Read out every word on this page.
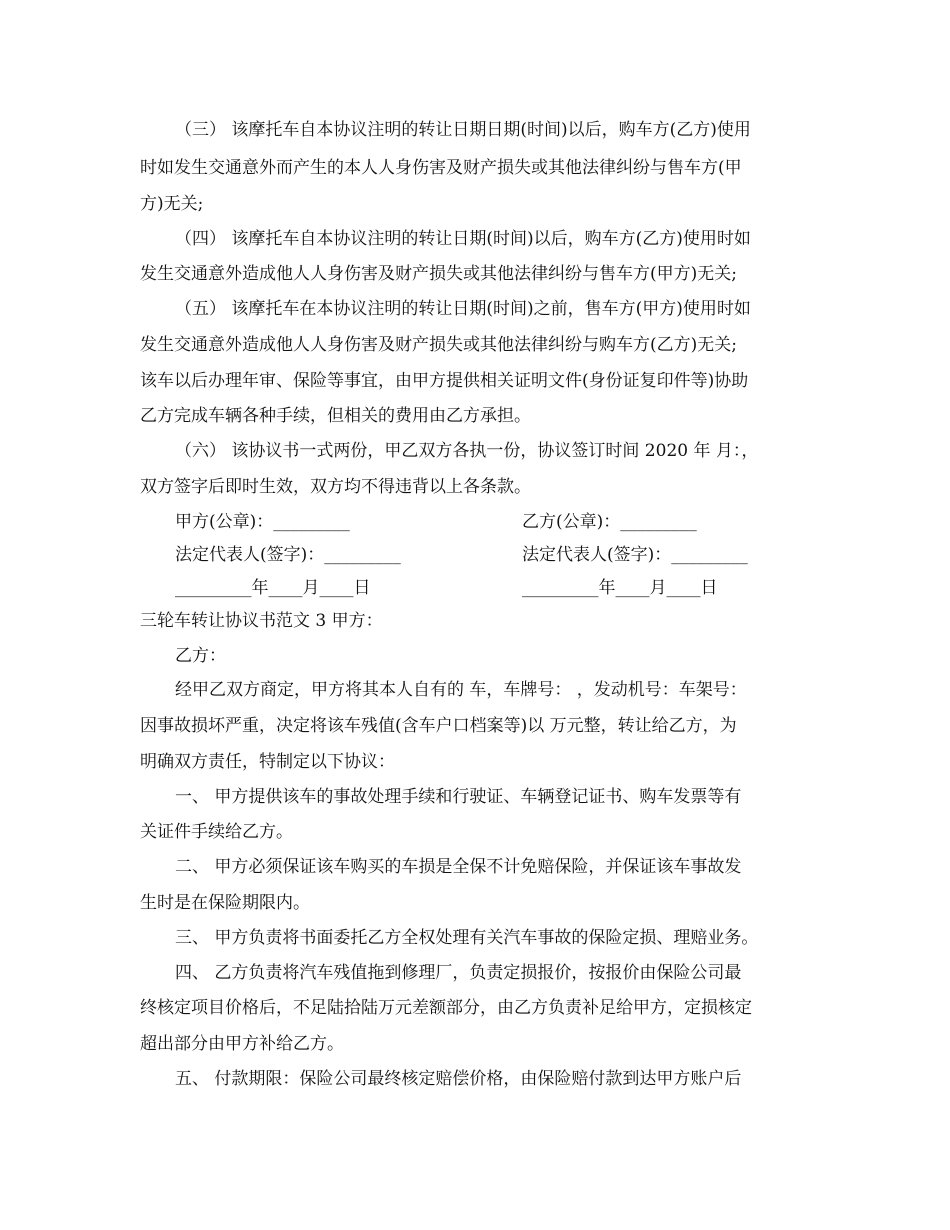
（三） 该摩托车自本协议注明的转让日期日期(时间)以后，购车方(乙方)使用
时如发生交通意外而产生的本人人身伤害及财产损失或其他法律纠纷与售车方(甲
方)无关;
（四） 该摩托车自本协议注明的转让日期(时间)以后，购车方(乙方)使用时如
发生交通意外造成他人人身伤害及财产损失或其他法律纠纷与售车方(甲方)无关;
（五） 该摩托车在本协议注明的转让日期(时间)之前，售车方(甲方)使用时如
发生交通意外造成他人人身伤害及财产损失或其他法律纠纷与购车方(乙方)无关;
该车以后办理年审、保险等事宜，由甲方提供相关证明文件(身份证复印件等)协助
乙方完成车辆各种手续，但相关的费用由乙方承担。
（六） 该协议书一式两份，甲乙双方各执一份，协议签订时间 2020 年 月：，
双方签字后即时生效，双方均不得违背以上各条款。
甲方(公章)：_________	乙方(公章)：_________
法定代表人(签字)：_________	法定代表人(签字)：_________
_________年____月____日	_________年____月____日
三轮车转让协议书范文 3 甲方：
乙方：
经甲乙双方商定，甲方将其本人自有的 车，车牌号： ，发动机号：车架号：
因事故损坏严重，决定将该车残值(含车户口档案等)以 万元整，转让给乙方，为
明确双方责任，特制定以下协议：
一、 甲方提供该车的事故处理手续和行驶证、车辆登记证书、购车发票等有
关证件手续给乙方。
二、 甲方必须保证该车购买的车损是全保不计免赔保险，并保证该车事故发
生时是在保险期限内。
三、 甲方负责将书面委托乙方全权处理有关汽车事故的保险定损、理赔业务。
四、 乙方负责将汽车残值拖到修理厂，负责定损报价，按报价由保险公司最
终核定项目价格后，不足陆拾陆万元差额部分，由乙方负责补足给甲方，定损核定
超出部分由甲方补给乙方。
五、 付款期限：保险公司最终核定赔偿价格，由保险赔付款到达甲方账户后
